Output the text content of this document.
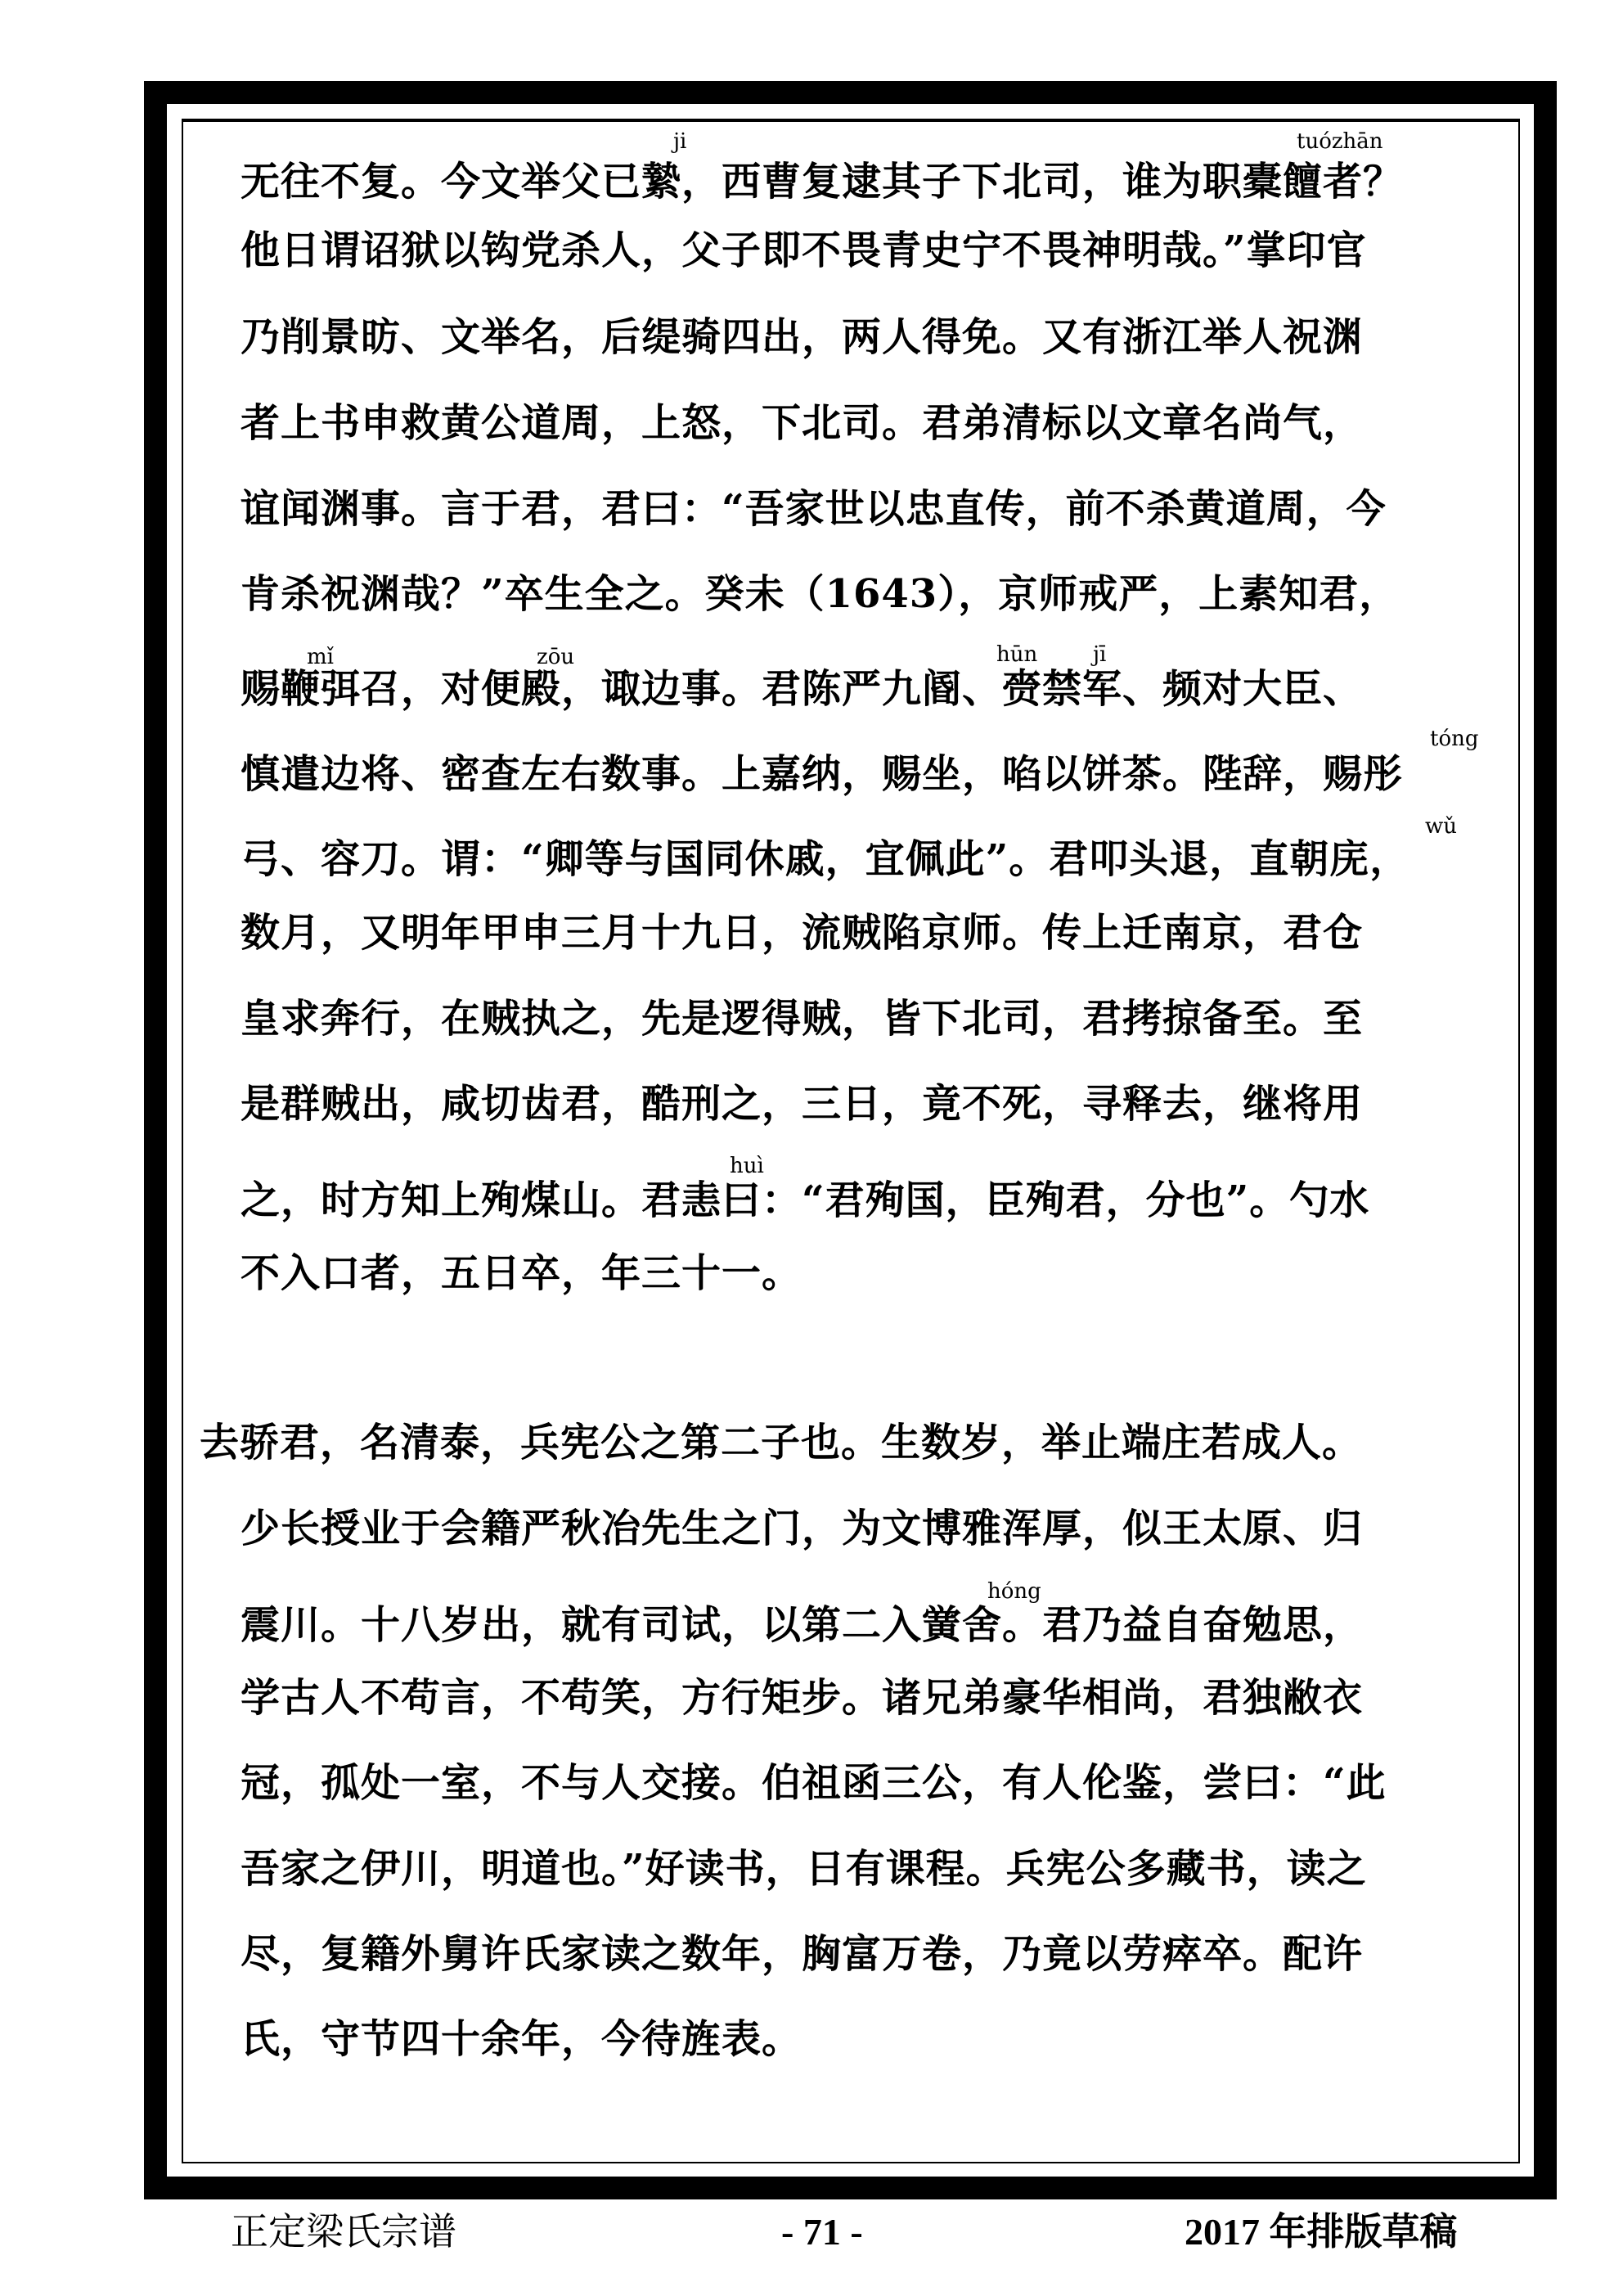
ji	tuózhān
mǐ	zōu	hūn	jī
tóng
wǔ
huì
hóng
无往不复。今文举父已縶，西曹复逮其子下北司，谁为职橐饘者？
他日谓诏狱以钩党杀人，父子即不畏青史宁不畏神明哉。”掌印官
乃削景昉、文举名，后缇骑四出，两人得免。又有浙江举人祝渊
者上书申救黄公道周，上怒，下北司。君弟清标以文章名尚气，
谊闻渊事。言于君，君曰：“吾家世以忠直传，前不杀黄道周，今
肯杀祝渊哉？”卒生全之。癸未（1643），京师戒严，上素知君，
赐鞭弭召，对便殿，诹边事。君陈严九阍、赍禁军、频对大臣、
慎遣边将、密查左右数事。上嘉纳，赐坐，啗以饼茶。陛辞，赐彤
弓、容刀。谓：“卿等与国同休戚，宜佩此”。君叩头退，直朝庑，
数月，又明年甲申三月十九日，流贼陷京师。传上迁南京，君仓
皇求奔行，在贼执之，先是逻得贼，皆下北司，君拷掠备至。至
是群贼出，咸切齿君，酷刑之，三日，竟不死，寻释去，继将用
之，时方知上殉煤山。君恚曰：“君殉国，臣殉君，分也”。勺水
不入口者，五日卒，年三十一。
去骄君，名清泰，兵宪公之第二子也。生数岁，举止端庄若成人。
少长授业于会籍严秋冶先生之门，为文博雅浑厚，似王太原、归
震川。十八岁出，就有司试，以第二入黉舍。君乃益自奋勉思，
学古人不苟言，不苟笑，方行矩步。诸兄弟豪华相尚，君独敝衣
冠，孤处一室，不与人交接。伯祖函三公，有人伦鉴，尝曰：“此
吾家之伊川，明道也。”好读书，日有课程。兵宪公多藏书，读之
尽，复籍外舅许氏家读之数年，胸富万卷，乃竟以劳瘁卒。配许
氏，守节四十余年，今待旌表。
正定梁氏宗谱	- 71 -	2017 年排版草稿
